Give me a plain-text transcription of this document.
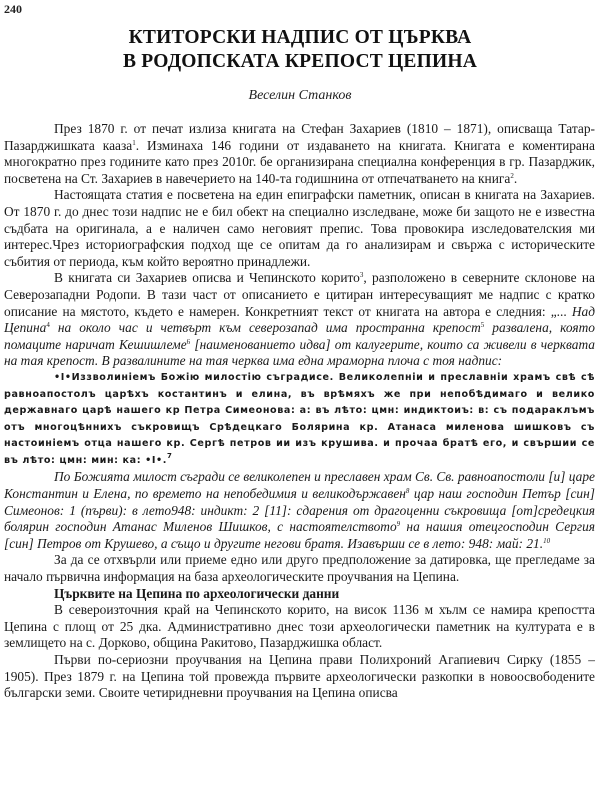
240
КТИТОРСКИ НАДПИС ОТ ЦЪРКВА
В РОДОПСКАТА КРЕПОСТ ЦЕПИНА
Веселин Станков

През 1870 г. от печат излиза книгата на Стефан Захариев (1810 – 1871), описваща Татар-Пазарджишката кааза$^1$. Изминаха 146 години от издаването на книгата. Книгата е коментирана многократно през годините като през 2010г. бе организирана специална конференция в гр. Пазарджик, посветена на Ст. Захариев в навечерието на 140-та годишнина от отпечатването на книга$^2$.

Настоящата статия е посветена на един епиграфски паметник, описан в книгата на Захариев. От 1870 г. до днес този надпис не е бил обект на специално изследване, може би защото не е известна съдбата на оригинала, а е наличен само неговият препис. Това провокира изследователския ми интерес.Чрез историографския подход ще се опитам да го анализирам и свържа с историческите събития от периода, към който вероятно принадлежи.

В книгата си Захариев описва и Чепинското корито$^3$, разположено в северните склонове на Северозападни Родопи. В тази част от описанието е цитиран интересуващият ме надпис с кратко описание на мястото, където е намерен. Конкретният текст от книгата на автора е следния: „... Над Цепина$^4$ на около час и четвърт към северозапад има пространна крепост$^5$ развалена, която помаците наричат Кешишлеме$^6$ [наименованието идва] от калугерите, които са живели в черквата на тая крепост. В развалините на тая черква има една мраморна плоча с тоя надпис:

•І•Иззволиніемъ Божію милостію съградисе. Великолепніи и преславніи храмъ свѣ сѣ равноапостолъ царѣхъ костантинъ и елина, въ врѣмяхъ же при непобѣдимаго и велико державнаго царѣ нашего кр Петра Симеонова: а: въ лѣто: цмн: индиктоиъ: в: съ подараклъмъ отъ многоцѣннихъ съкровищъ Срѣдецкаго Болярина кр. Атанаса миленова шишковъ съ настоиніемъ отца нашего кр. Сергѣ петров ии изъ крушива. и прочаа братѣ его, и свършии се въ лѣто: цмн: мин: ка: •І•.$^7$

По Божията милост съгради се великолепен и преславен храм Св. Св. равноапостоли [и] царе Константин и Елена, по времето на непобедимия и великодържавен$^8$ цар наш господин Петър [син] Симеонов: 1 (първи): в лето948: индикт: 2 [11]: сдарения от драгоценни съкровища [от]средецкия болярин господин Атанас Миленов Шишков, с настоятелството$^9$ на нашия отецгосподин Сергия [син] Петров от Крушево, а също и другите негови братя. Изавърши се в лето: 948: май: 21.10

За да се отхвърли или приеме едно или друго предположение за датировка, ще прегледаме за начало първична информация на база археологическите проучвания на Цепина.

Църквите на Цепина по археологически данни

В североизточния край на Чепинското корито, на висок 1136 м хълм се намира крепостта Цепина с площ от 25 дка. Административно днес този археологически паметник на културата е в землището на с. Дорково, община Ракитово, Пазарджишка област.

Първи по-сериозни проучвания на Цепина прави Полихроний Агапиевич Сирку (1855 – 1905). През 1879 г. на Цепина той провежда първите археологически разкопки в новоосвободените български земи. Своите четиридневни проучвания на Цепина описва
